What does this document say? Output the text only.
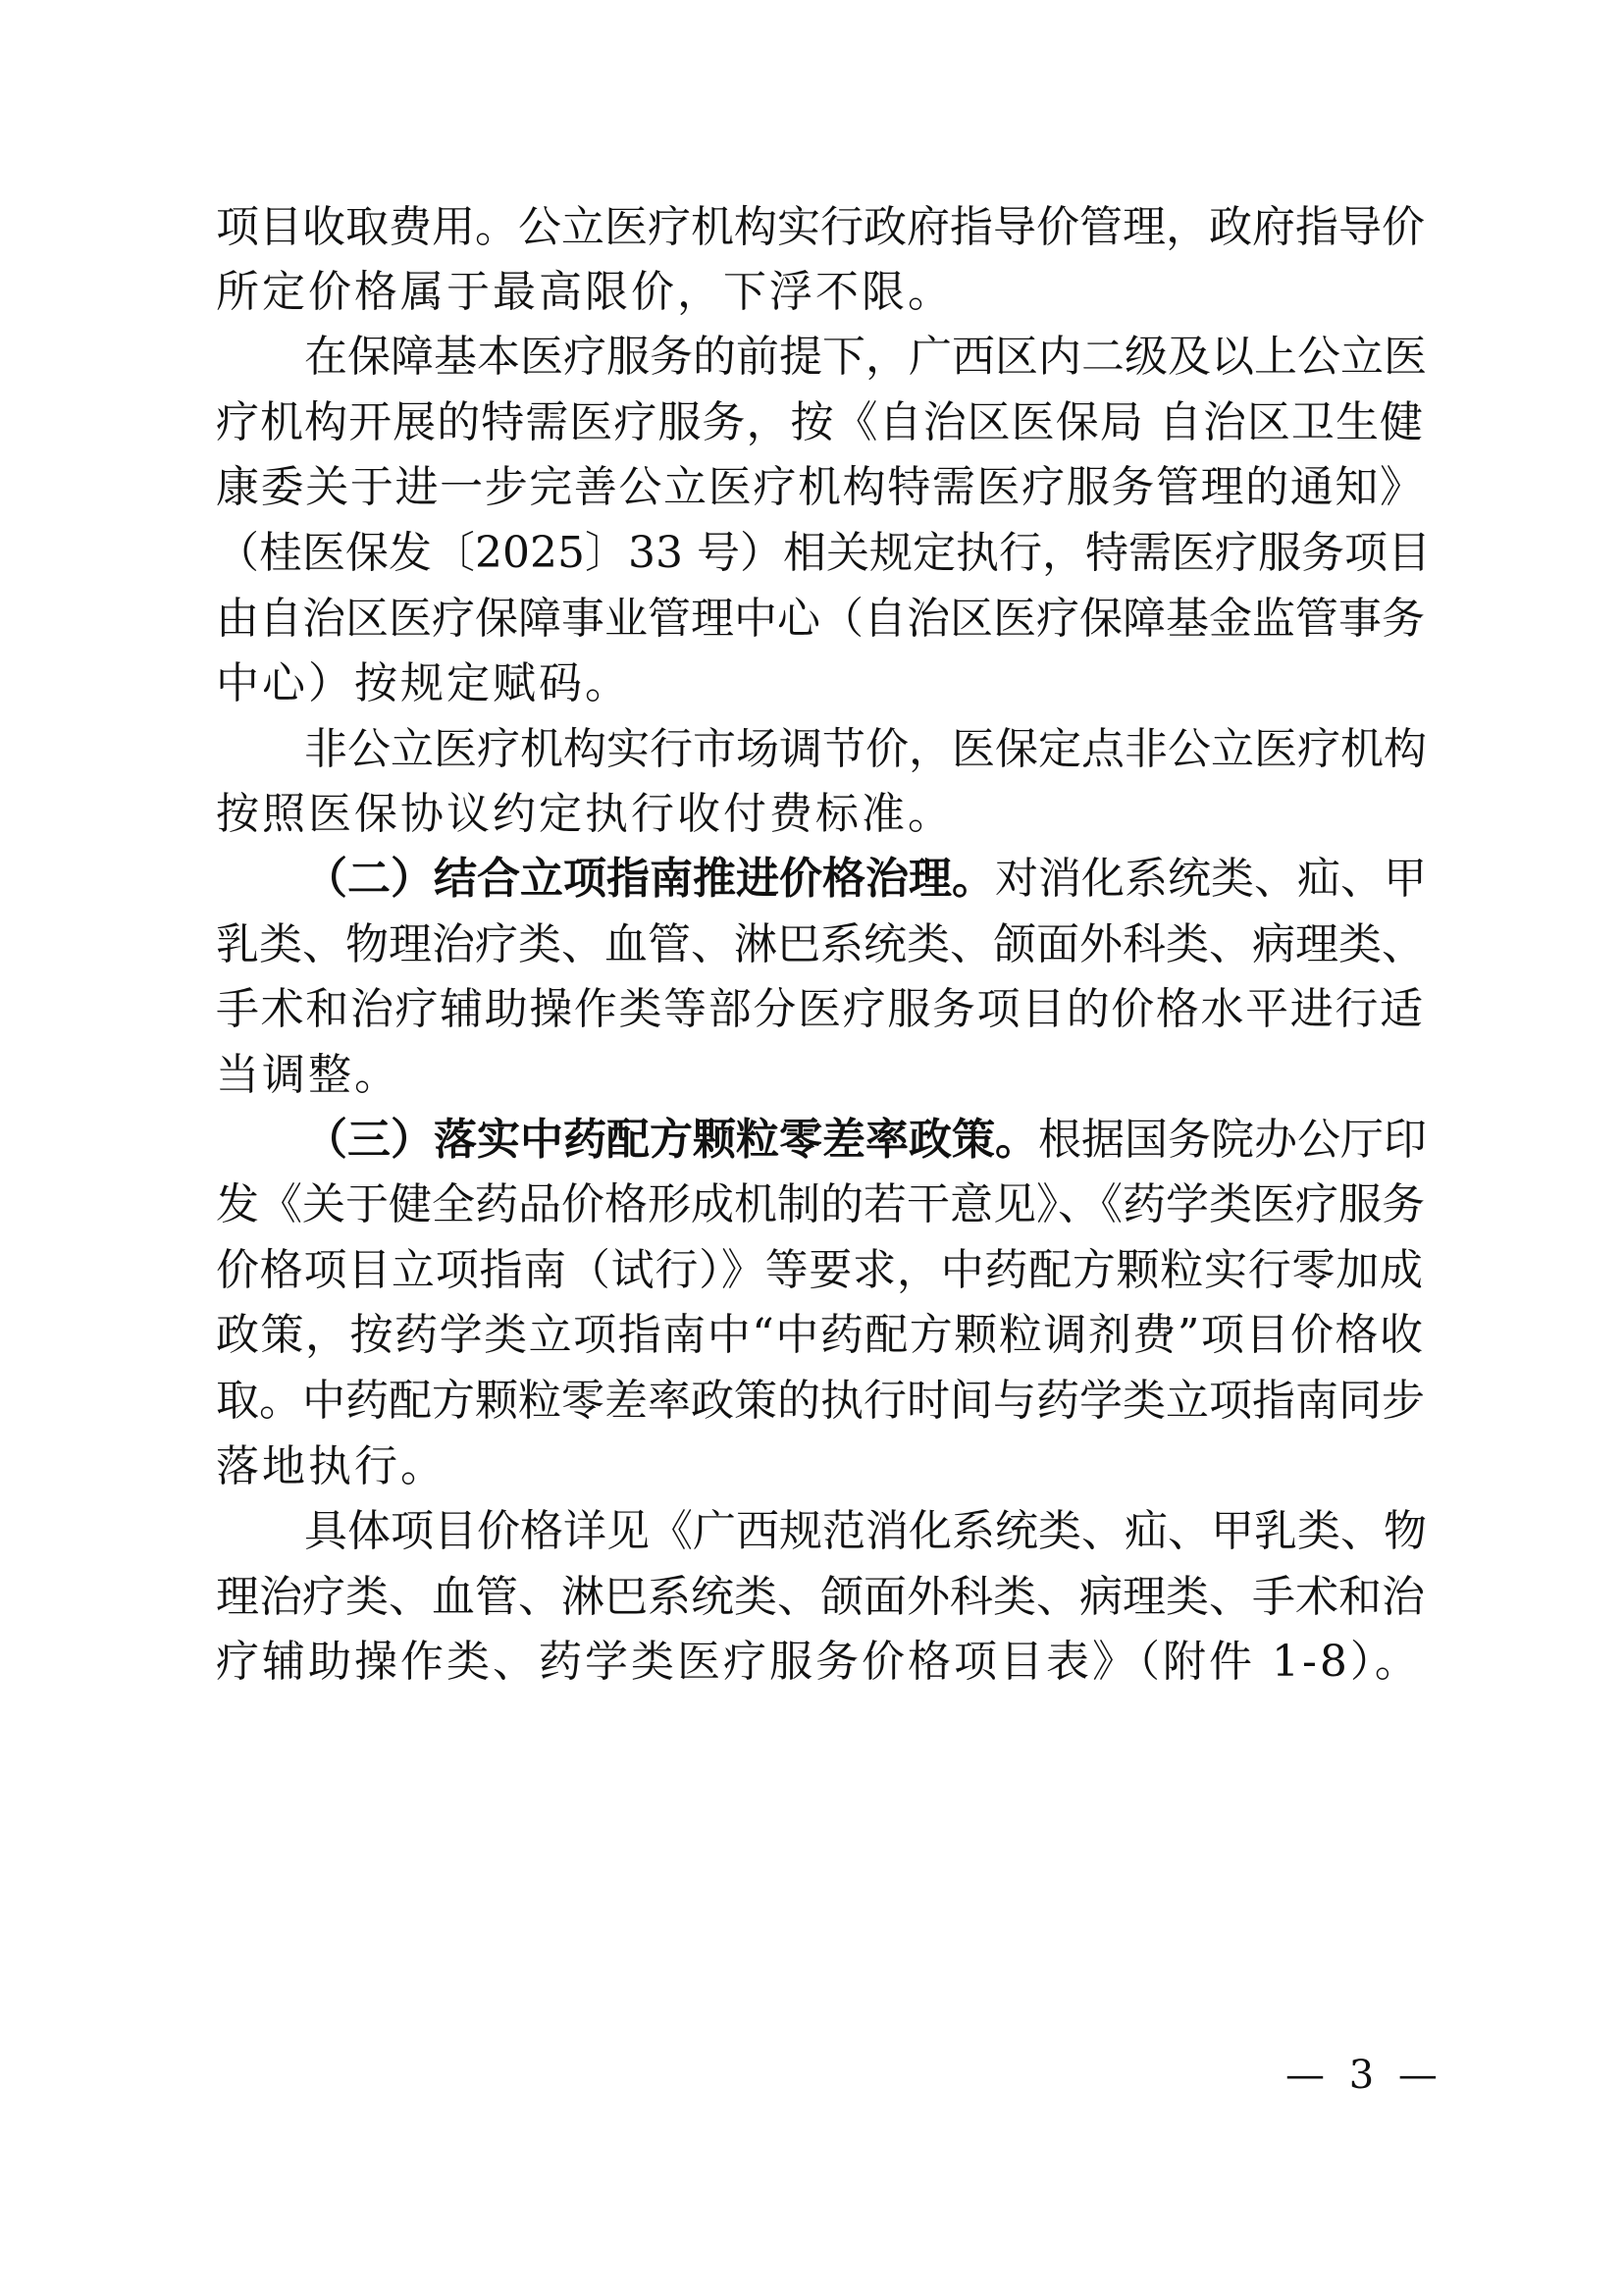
项目收取费用。公立医疗机构实行政府指导价管理，政府指导价
所定价格属于最高限价，下浮不限。
在保障基本医疗服务的前提下，广西区内二级及以上公立医
疗机构开展的特需医疗服务，按《自治区医保局 自治区卫生健
康委关于进一步完善公立医疗机构特需医疗服务管理的通知》
（桂医保发〔2025〕33 号）相关规定执行，特需医疗服务项目
由自治区医疗保障事业管理中心（自治区医疗保障基金监管事务
中心）按规定赋码。
非公立医疗机构实行市场调节价，医保定点非公立医疗机构
按照医保协议约定执行收付费标准。
（二）结合立项指南推进价格治理。对消化系统类、疝、甲
乳类、物理治疗类、血管、淋巴系统类、颌面外科类、病理类、
手术和治疗辅助操作类等部分医疗服务项目的价格水平进行适
当调整。
（三）落实中药配方颗粒零差率政策。根据国务院办公厅印
发《关于健全药品价格形成机制的若干意见》、《药学类医疗服务
价格项目立项指南（试行）》等要求，中药配方颗粒实行零加成
政策，按药学类立项指南中“中药配方颗粒调剂费”项目价格收
取。中药配方颗粒零差率政策的执行时间与药学类立项指南同步
落地执行。
具体项目价格详见《广西规范消化系统类、疝、甲乳类、物
理治疗类、血管、淋巴系统类、颌面外科类、病理类、手术和治
疗辅助操作类、药学类医疗服务价格项目表》（附件 1-8）。
— 3 —
